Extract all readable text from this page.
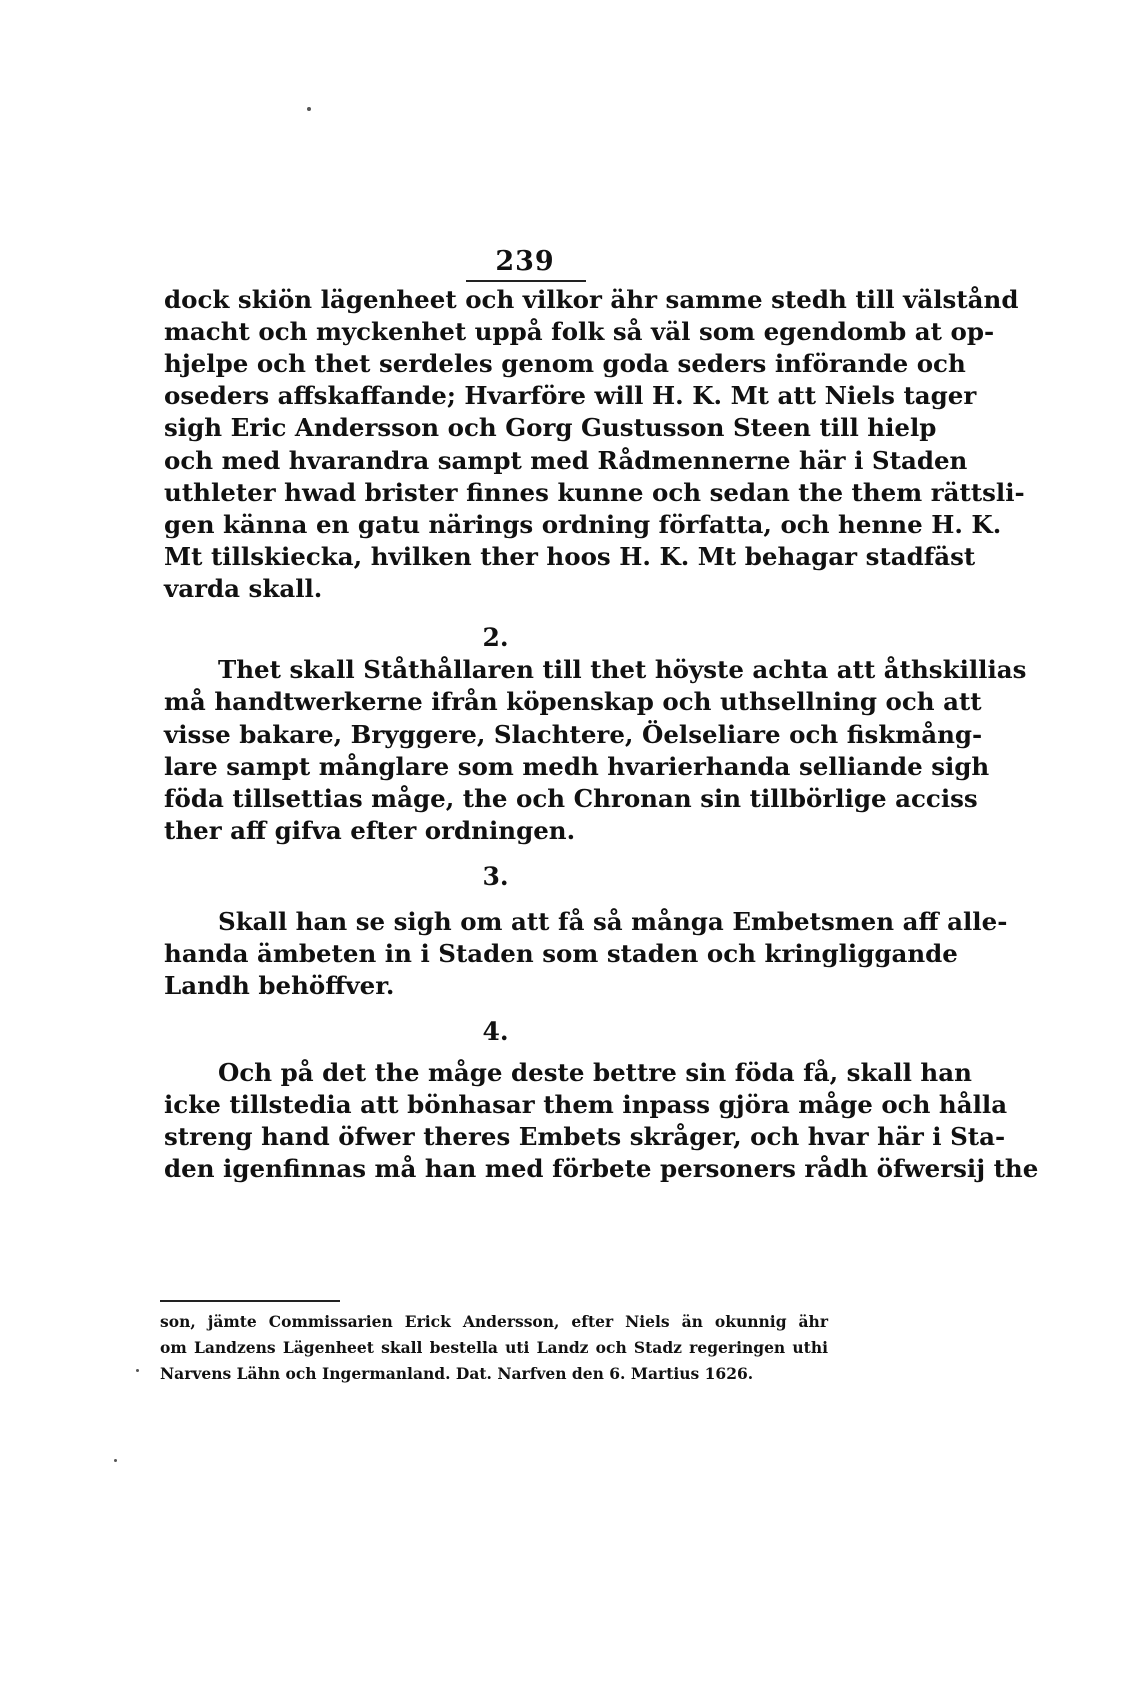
239
dock skiön lägenheet och vilkor ähr samme stedh till välstånd
macht och myckenhet uppå folk så väl som egendomb at op-
hjelpe och thet serdeles genom goda seders införande och
oseders affskaffande; Hvarföre will H. K. Mt att Niels tager
sigh Eric Andersson och Gorg Gustusson Steen till hielp
och med hvarandra sampt med Rådmennerne här i Staden
uthleter hwad brister finnes kunne och sedan the them rättsli-
gen känna en gatu närings ordning författa, och henne H. K.
Mt tillskiecka, hvilken ther hoos H. K. Mt behagar stadfäst
varda skall.
2.
Thet skall Ståthållaren till thet höyste achta att åthskillias
må handtwerkerne ifrån köpenskap och uthsellning och att
visse bakare, Bryggere, Slachtere, Öelseliare och fiskmång-
lare sampt månglare som medh hvarierhanda selliande sigh
föda tillsettias måge, the och Chronan sin tillbörlige acciss
ther aff gifva efter ordningen.
3.
Skall han se sigh om att få så många Embetsmen aff alle-
handa ämbeten in i Staden som staden och kringliggande
Landh behöffver.
4.
Och på det the måge deste bettre sin föda få, skall han
icke tillstedia att bönhasar them inpass gjöra måge och hålla
streng hand öfwer theres Embets skråger, och hvar här i Sta-
den igenfinnas må han med förbete personers rådh öfwersij the
son, jämte Commissarien Erick Andersson, efter Niels än okunnig ähr
om Landzens Lägenheet skall bestella uti Landz och Stadz regeringen uthi
Narvens Lähn och Ingermanland. Dat. Narfven den 6. Martius 1626.
